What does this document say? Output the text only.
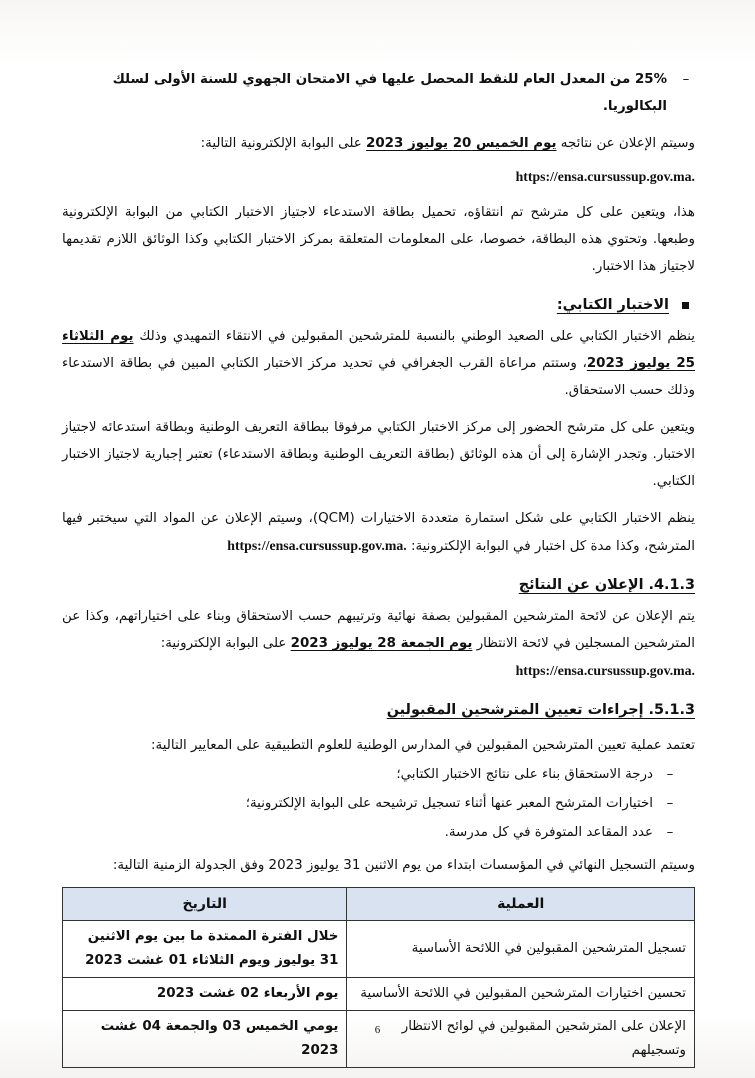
–
25% من المعدل العام للنقط المحصل عليها في الامتحان الجهوي للسنة الأولى لسلك البكالوريا.

وسيتم الإعلان عن نتائجه يوم الخميس 20 يوليوز 2023 على البوابة الإلكترونية التالية:

https://ensa.cursussup.gov.ma.

هذا، ويتعين على كل مترشح تم انتقاؤه، تحميل بطاقة الاستدعاء لاجتياز الاختبار الكتابي من البوابة الإلكترونية وطبعها. وتحتوي هذه البطاقة، خصوصا، على المعلومات المتعلقة بمركز الاختبار الكتابي وكذا الوثائق اللازم تقديمها لاجتياز هذا الاختبار.

الاختبار الكتابي:

ينظم الاختبار الكتابي على الصعيد الوطني بالنسبة للمترشحين المقبولين في الانتقاء التمهيدي وذلك يوم الثلاثاء 25 يوليوز 2023، وستتم مراعاة القرب الجغرافي في تحديد مركز الاختبار الكتابي المبين في بطاقة الاستدعاء وذلك حسب الاستحقاق.

ويتعين على كل مترشح الحضور إلى مركز الاختبار الكتابي مرفوقا ببطاقة التعريف الوطنية وبطاقة استدعائه لاجتياز الاختبار. وتجدر الإشارة إلى أن هذه الوثائق (بطاقة التعريف الوطنية وبطاقة الاستدعاء) تعتبر إجبارية لاجتياز الاختبار الكتابي.

ينظم الاختبار الكتابي على شكل استمارة متعددة الاختيارات (QCM)، وسيتم الإعلان عن المواد التي سيختبر فيها المترشح، وكذا مدة كل اختبار في البوابة الإلكترونية: https://ensa.cursussup.gov.ma.

4.1.3. الإعلان عن النتائج

يتم الإعلان عن لائحة المترشحين المقبولين بصفة نهائية وترتيبهم حسب الاستحقاق وبناء على اختياراتهم، وكذا عن المترشحين المسجلين في لائحة الانتظار يوم الجمعة 28 يوليوز 2023 على البوابة الإلكترونية:

https://ensa.cursussup.gov.ma.

5.1.3. إجراءات تعيين المترشحين المقبولين

تعتمد عملية تعيين المترشحين المقبولين في المدارس الوطنية للعلوم التطبيقية على المعايير التالية:

–
درجة الاستحقاق بناء على نتائج الاختبار الكتابي؛
–
اختيارات المترشح المعبر عنها أثناء تسجيل ترشيحه على البوابة الإلكترونية؛
–
عدد المقاعد المتوفرة في كل مدرسة.

وسيتم التسجيل النهائي في المؤسسات ابتداء من يوم الاثنين 31 يوليوز 2023 وفق الجدولة الزمنية التالية:

العملية	التاريخ
تسجيل المترشحين المقبولين في اللائحة الأساسية	خلال الفترة الممتدة ما بين يوم الاثنين 31 يوليوز ويوم الثلاثاء 01 غشت 2023
تحسين اختيارات المترشحين المقبولين في اللائحة الأساسية	يوم الأربعاء 02 غشت 2023
الإعلان على المترشحين المقبولين في لوائح الانتظار وتسجيلهم	يومي الخميس 03 والجمعة 04 غشت 2023
6
